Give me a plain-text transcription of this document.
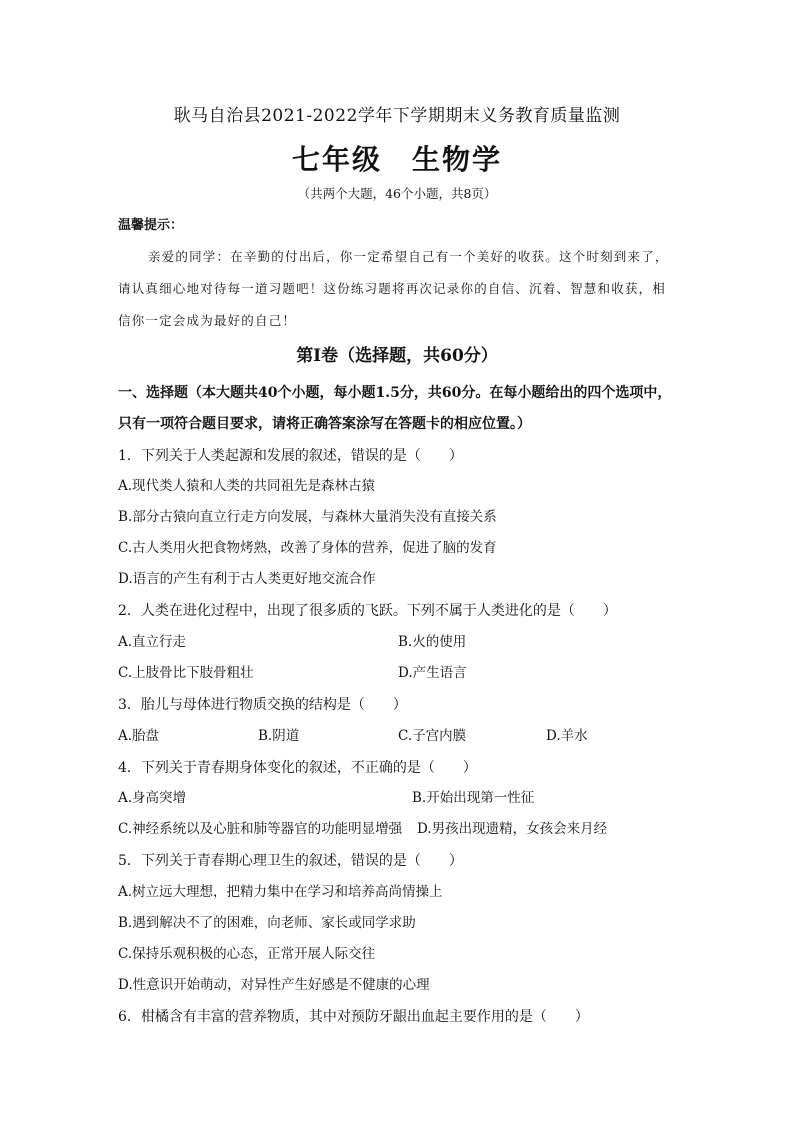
耿马自治县2021-2022学年下学期期末义务教育质量监测
七年级 生物学
（共两个大题，46个小题，共8页）
温馨提示：
亲爱的同学：在辛勤的付出后，你一定希望自己有一个美好的收获。这个时刻到来了，
请认真细心地对待每一道习题吧！这份练习题将再次记录你的自信、沉着、智慧和收获，相
信你一定会成为最好的自己！
第Ⅰ卷（选择题，共60分）
一、选择题（本大题共40个小题，每小题1.5分，共60分。在每小题给出的四个选项中，
只有一项符合题目要求，请将正确答案涂写在答题卡的相应位置。）
1．下列关于人类起源和发展的叙述，错误的是（　　）
A.现代类人猿和人类的共同祖先是森林古猿
B.部分古猿向直立行走方向发展，与森林大量消失没有直接关系
C.古人类用火把食物烤熟，改善了身体的营养，促进了脑的发育
D.语言的产生有利于古人类更好地交流合作
2．人类在进化过程中，出现了很多质的飞跃。下列不属于人类进化的是（　　）
A.直立行走	B.火的使用
C.上肢骨比下肢骨粗壮	D.产生语言
3．胎儿与母体进行物质交换的结构是（　　）
A.胎盘	B.阴道	C.子宫内膜	D.羊水
4．下列关于青春期身体变化的叙述，不正确的是（　　）
A.身高突增	B.开始出现第一性征
C.神经系统以及心脏和肺等器官的功能明显增强 D.男孩出现遗精，女孩会来月经
5．下列关于青春期心理卫生的叙述，错误的是（　　）
A.树立远大理想，把精力集中在学习和培养高尚情操上
B.遇到解决不了的困难，向老师、家长或同学求助
C.保持乐观积极的心态，正常开展人际交往
D.性意识开始萌动，对异性产生好感是不健康的心理
6．柑橘含有丰富的营养物质，其中对预防牙龈出血起主要作用的是（　　）
